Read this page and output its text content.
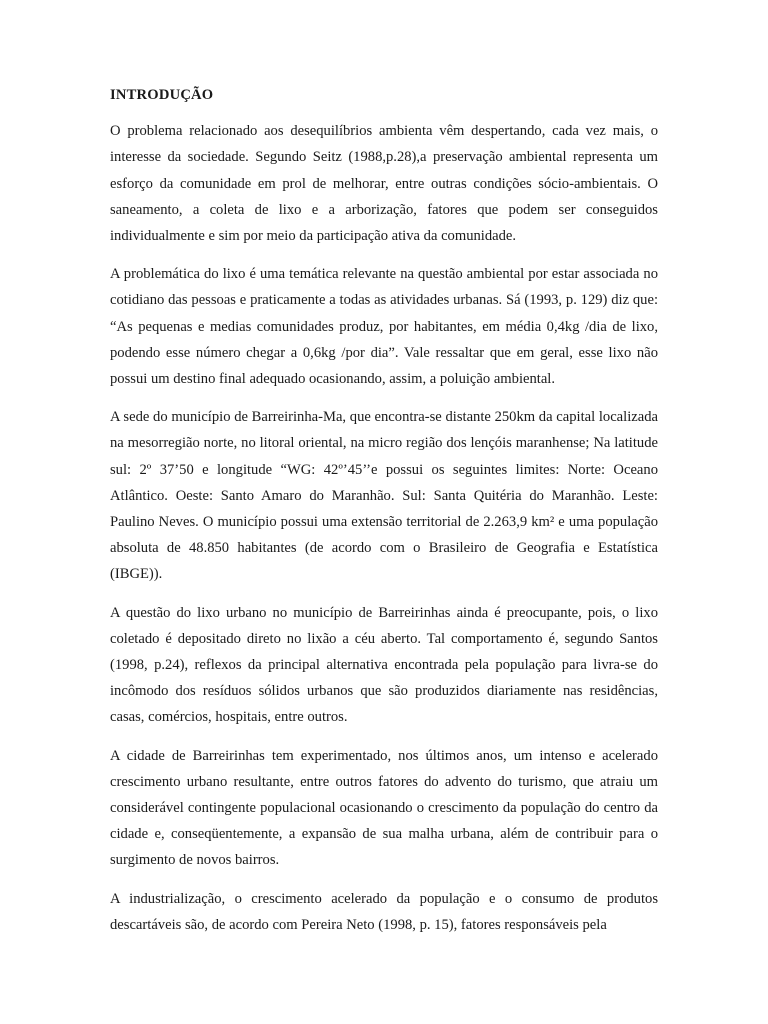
INTRODUÇÃO

O problema relacionado aos desequilíbrios ambienta vêm despertando, cada vez mais, o interesse da sociedade. Segundo Seitz (1988,p.28),a preservação ambiental representa um esforço da comunidade em prol de melhorar, entre outras condições sócio-ambientais. O saneamento, a coleta de lixo e a arborização, fatores que podem ser conseguidos individualmente e sim por meio da participação ativa da comunidade.

A problemática do lixo é uma temática relevante na questão ambiental por estar associada no cotidiano das pessoas e praticamente a todas as atividades urbanas. Sá (1993, p. 129) diz que: “As pequenas e medias comunidades produz, por habitantes, em média 0,4kg /dia de lixo, podendo esse número chegar a 0,6kg /por dia”. Vale ressaltar que em geral, esse lixo não possui um destino final adequado ocasionando, assim, a poluição ambiental.

A sede do município de Barreirinha-Ma, que encontra-se distante 250km da capital localizada na mesorregião norte, no litoral oriental, na micro região dos lençóis maranhense; Na latitude sul: 2º 37’50 e longitude “WG: 42º’45’’e possui os seguintes limites: Norte: Oceano Atlântico. Oeste: Santo Amaro do Maranhão. Sul: Santa Quitéria do Maranhão. Leste: Paulino Neves. O município possui uma extensão territorial de 2.263,9 km² e uma população absoluta de 48.850 habitantes (de acordo com o Brasileiro de Geografia e Estatística (IBGE)).

A questão do lixo urbano no município de Barreirinhas ainda é preocupante, pois, o lixo coletado é depositado direto no lixão a céu aberto. Tal comportamento é, segundo Santos (1998, p.24), reflexos da principal alternativa encontrada pela população para livra-se do incômodo dos resíduos sólidos urbanos que são produzidos diariamente nas residências, casas, comércios, hospitais, entre outros.

A cidade de Barreirinhas tem experimentado, nos últimos anos, um intenso e acelerado crescimento urbano resultante, entre outros fatores do advento do turismo, que atraiu um considerável contingente populacional ocasionando o crescimento da população do centro da cidade e, conseqüentemente, a expansão de sua malha urbana, além de contribuir para o surgimento de novos bairros.

A industrialização, o crescimento acelerado da população e o consumo de produtos descartáveis são, de acordo com Pereira Neto (1998, p. 15), fatores responsáveis pela
